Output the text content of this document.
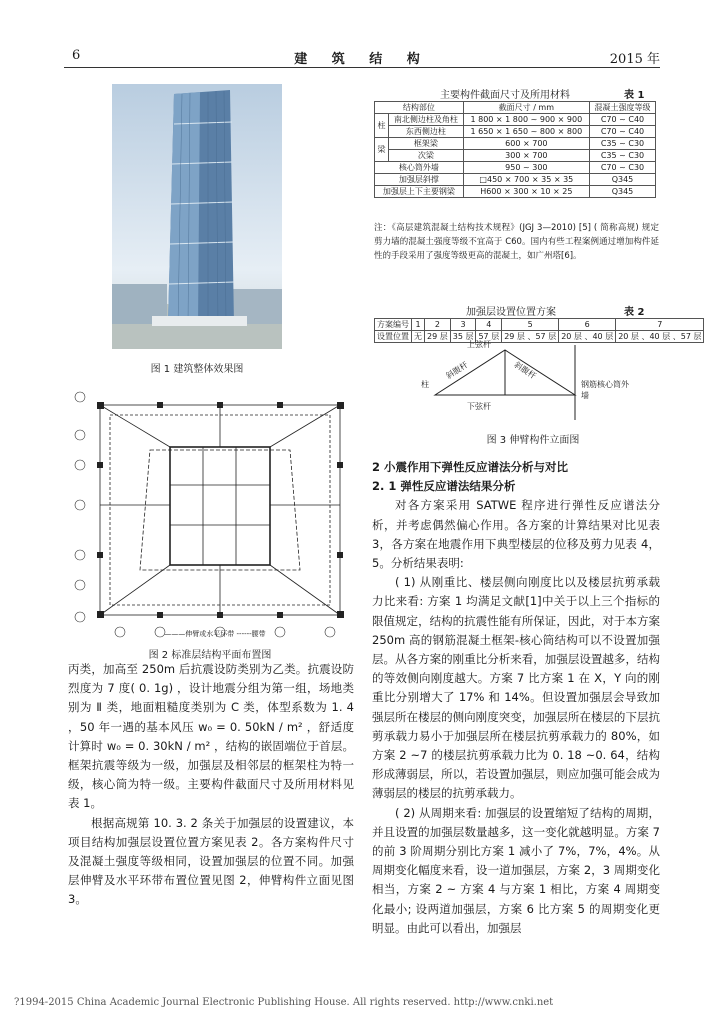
6	建 筑 结 构	2015 年
图 1 建筑整体效果图
———伸臂或水平环带 ------腰带
图 2 标准层结构平面布置图
主要构件截面尺寸及所用材料	表 1
结构部位		截面尺寸 / mm	混凝土强度等级
柱	南北侧边柱及角柱	1 800 × 1 800 ~ 900 × 900	C70 ~ C40
	东西侧边柱	1 650 × 1 650 ~ 800 × 800	C70 ~ C40
梁	框架梁	600 × 700	C35 ~ C30
	次梁	300 × 700	C35 ~ C30
核心筒外墙		950 ~ 300	C70 ~ C30
加强层斜撑		□450 × 700 × 35 × 35	Q345
加强层上下主要钢梁		H600 × 300 × 10 × 25	Q345
注：《高层建筑混凝土结构技术规程》(JGJ 3—2010) [5] ( 简称高规) 规定剪力墙的混凝土强度等级不宜高于 C60。国内有些工程案例通过增加构件延性的手段采用了强度等级更高的混凝土，如广州塔[6]。
加强层设置位置方案	表 2
方案编号	1	2	3	4	5	6	7
设置位置	无	29 层	35 层	57 层	29 层 、57 层	20 层 、40 层	20 层 、40 层 、57 层
上弦杆
下弦杆
柱
斜腹杆	斜腹杆
钢筋核心筒外墙
图 3 伸臂构件立面图

丙类，加高至 250m 后抗震设防类别为乙类。抗震设防烈度为 7 度( 0. 1g) ，设计地震分组为第一组，场地类别为 Ⅱ 类，地面粗糙度类别为 C 类，体型系数为 1. 4 ，50 年一遇的基本风压 w₀ = 0. 50kN / m² ，舒适度计算时 w₀ = 0. 30kN / m² ，结构的嵌固端位于首层。框架抗震等级为一级，加强层及相邻层的框架柱为特一级，核心筒为特一级。主要构件截面尺寸及所用材料见表 1。

根据高规第 10. 3. 2 条关于加强层的设置建议，本项目结构加强层设置位置方案见表 2。各方案构件尺寸及混凝土强度等级相同，设置加强层的位置不同。加强层伸臂及水平环带布置位置见图 2，伸臂构件立面见图 3。

2 小震作用下弹性反应谱法分析与对比

2. 1 弹性反应谱法结果分析

对各方案采用 SATWE 程序进行弹性反应谱法分析，并考虑偶然偏心作用。各方案的计算结果对比见表 3，各方案在地震作用下典型楼层的位移及剪力见表 4，5。分析结果表明:

( 1) 从刚重比、楼层侧向刚度比以及楼层抗剪承载力比来看: 方案 1 均满足文献[1]中关于以上三个指标的限值规定，结构的抗震性能有所保证，因此，对于本方案 250m 高的钢筋混凝土框架-核心筒结构可以不设置加强层。从各方案的刚重比分析来看，加强层设置越多，结构的等效侧向刚度越大。方案 7 比方案 1 在 X，Y 向的刚重比分别增大了 17% 和 14%。但设置加强层会导致加强层所在楼层的侧向刚度突变，加强层所在楼层的下层抗剪承载力易小于加强层所在楼层抗剪承载力的 80%，如方案 2 ~7 的楼层抗剪承载力比为 0. 18 ~0. 64，结构形成薄弱层，所以，若设置加强层，则应加强可能会成为薄弱层的楼层的抗剪承载力。

( 2) 从周期来看: 加强层的设置缩短了结构的周期，并且设置的加强层数量越多，这一变化就越明显。方案 7 的前 3 阶周期分别比方案 1 减小了 7%，7%，4%。从周期变化幅度来看，设一道加强层，方案 2，3 周期变化相当，方案 2 ~ 方案 4 与方案 1 相比，方案 4 周期变化最小; 设两道加强层，方案 6 比方案 5 的周期变化更明显。由此可以看出，加强层

?1994-2015 China Academic Journal Electronic Publishing House. All rights reserved. http://www.cnki.net
